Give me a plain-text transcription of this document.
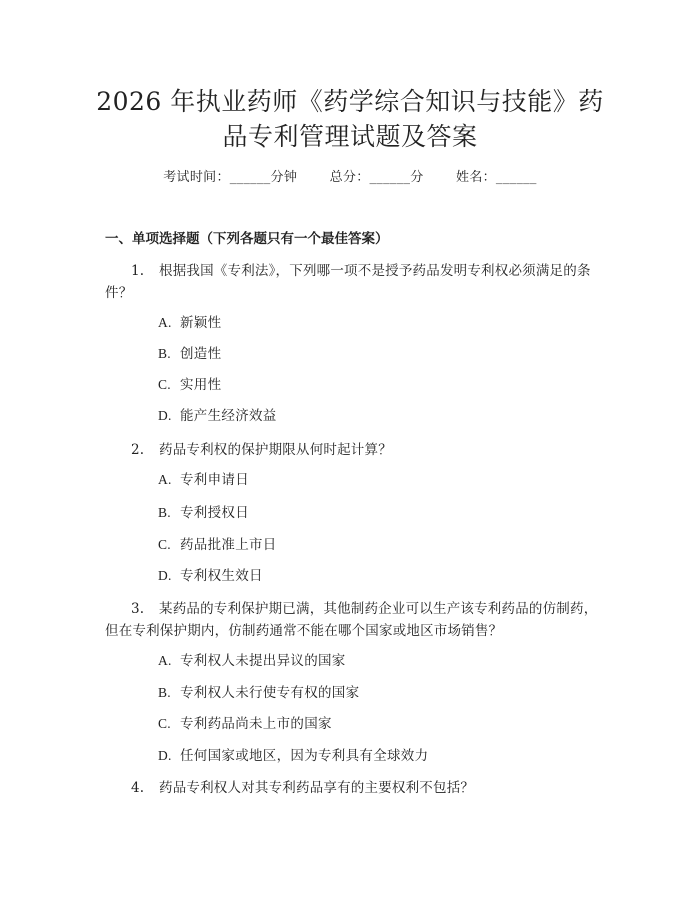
2026 年执业药师《药学综合知识与技能》药
品专利管理试题及答案
考试时间：______分钟 总分：______分 姓名：______
一、单项选择题（下列各题只有一个最佳答案）
1. 根据我国《专利法》，下列哪一项不是授予药品发明专利权必须满足的条件？
A. 新颖性
B. 创造性
C. 实用性
D. 能产生经济效益
2. 药品专利权的保护期限从何时起计算？
A. 专利申请日
B. 专利授权日
C. 药品批准上市日
D. 专利权生效日
3. 某药品的专利保护期已满，其他制药企业可以生产该专利药品的仿制药，但在专利保护期内，仿制药通常不能在哪个国家或地区市场销售？
A. 专利权人未提出异议的国家
B. 专利权人未行使专有权的国家
C. 专利药品尚未上市的国家
D. 任何国家或地区，因为专利具有全球效力
4. 药品专利权人对其专利药品享有的主要权利不包括？
